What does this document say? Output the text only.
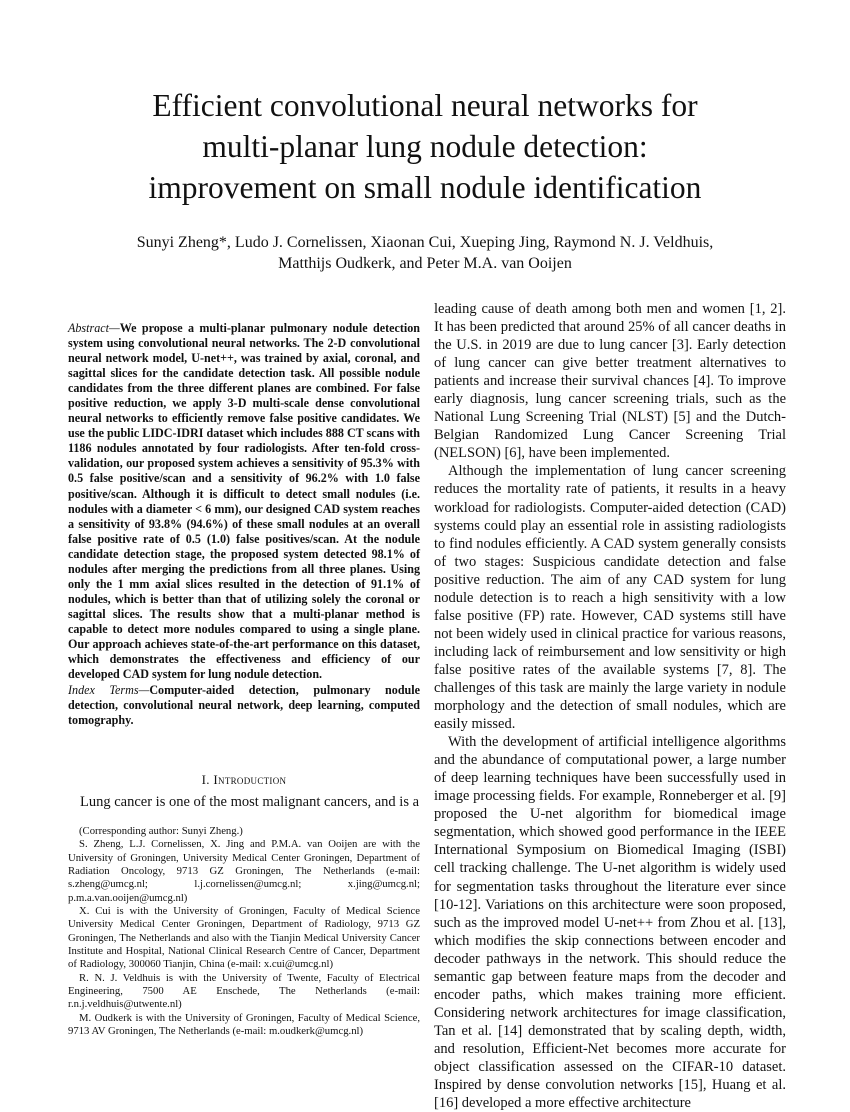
Efficient convolutional neural networks for
multi-planar lung nodule detection:
improvement on small nodule identification
Sunyi Zheng*, Ludo J. Cornelissen, Xiaonan Cui, Xueping Jing, Raymond N. J. Veldhuis, Matthijs Oudkerk, and Peter M.A. van Ooijen

Abstract—We propose a multi-planar pulmonary nodule detection system using convolutional neural networks. The 2-D convolutional neural network model, U-net++, was trained by axial, coronal, and sagittal slices for the candidate detection task. All possible nodule candidates from the three different planes are combined. For false positive reduction, we apply 3-D multi-scale dense convolutional neural networks to efficiently remove false positive candidates. We use the public LIDC-IDRI dataset which includes 888 CT scans with 1186 nodules annotated by four radiologists. After ten-fold cross-validation, our proposed system achieves a sensitivity of 95.3% with 0.5 false positive/scan and a sensitivity of 96.2% with 1.0 false positive/scan. Although it is difficult to detect small nodules (i.e. nodules with a diameter < 6 mm), our designed CAD system reaches a sensitivity of 93.8% (94.6%) of these small nodules at an overall false positive rate of 0.5 (1.0) false positives/scan. At the nodule candidate detection stage, the proposed system detected 98.1% of nodules after merging the predictions from all three planes. Using only the 1 mm axial slices resulted in the detection of 91.1% of nodules, which is better than that of utilizing solely the coronal or sagittal slices. The results show that a multi-planar method is capable to detect more nodules compared to using a single plane. Our approach achieves state-of-the-art performance on this dataset, which demonstrates the effectiveness and efficiency of our developed CAD system for lung nodule detection.

Index Terms—Computer-aided detection, pulmonary nodule detection, convolutional neural network, deep learning, computed tomography.

I. Introduction

Lung cancer is one of the most malignant cancers, and is a

(Corresponding author: Sunyi Zheng.)

S. Zheng, L.J. Cornelissen, X. Jing and P.M.A. van Ooijen are with the University of Groningen, University Medical Center Groningen, Department of Radiation Oncology, 9713 GZ Groningen, The Netherlands (e-mail: s.zheng@umcg.nl; l.j.cornelissen@umcg.nl; x.jing@umcg.nl; p.m.a.van.ooijen@umcg.nl)

X. Cui is with the University of Groningen, Faculty of Medical Science University Medical Center Groningen, Department of Radiology, 9713 GZ Groningen, The Netherlands and also with the Tianjin Medical University Cancer Institute and Hospital, National Clinical Research Centre of Cancer, Department of Radiology, 300060 Tianjin, China (e-mail: x.cui@umcg.nl)

R. N. J. Veldhuis is with the University of Twente, Faculty of Electrical Engineering, 7500 AE Enschede, The Netherlands (e-mail: r.n.j.veldhuis@utwente.nl)

M. Oudkerk is with the University of Groningen, Faculty of Medical Science, 9713 AV Groningen, The Netherlands (e-mail: m.oudkerk@umcg.nl)

leading cause of death among both men and women [1, 2]. It has been predicted that around 25% of all cancer deaths in the U.S. in 2019 are due to lung cancer [3]. Early detection of lung cancer can give better treatment alternatives to patients and increase their survival chances [4]. To improve early diagnosis, lung cancer screening trials, such as the National Lung Screening Trial (NLST) [5] and the Dutch-Belgian Randomized Lung Cancer Screening Trial (NELSON) [6], have been implemented.

Although the implementation of lung cancer screening reduces the mortality rate of patients, it results in a heavy workload for radiologists. Computer-aided detection (CAD) systems could play an essential role in assisting radiologists to find nodules efficiently. A CAD system generally consists of two stages: Suspicious candidate detection and false positive reduction. The aim of any CAD system for lung nodule detection is to reach a high sensitivity with a low false positive (FP) rate. However, CAD systems still have not been widely used in clinical practice for various reasons, including lack of reimbursement and low sensitivity or high false positive rates of the available systems [7, 8]. The challenges of this task are mainly the large variety in nodule morphology and the detection of small nodules, which are easily missed.

With the development of artificial intelligence algorithms and the abundance of computational power, a large number of deep learning techniques have been successfully used in image processing fields. For example, Ronneberger et al. [9] proposed the U-net algorithm for biomedical image segmentation, which showed good performance in the IEEE International Symposium on Biomedical Imaging (ISBI) cell tracking challenge. The U-net algorithm is widely used for segmentation tasks throughout the literature ever since [10-12]. Variations on this architecture were soon proposed, such as the improved model U-net++ from Zhou et al. [13], which modifies the skip connections between encoder and decoder pathways in the network. This should reduce the semantic gap between feature maps from the decoder and encoder paths, which makes training more efficient. Considering network architectures for image classification, Tan et al. [14] demonstrated that by scaling depth, width, and resolution, Efficient-Net becomes more accurate for object classification assessed on the CIFAR-10 dataset. Inspired by dense convolution networks [15], Huang et al. [16] developed a more effective architecture
